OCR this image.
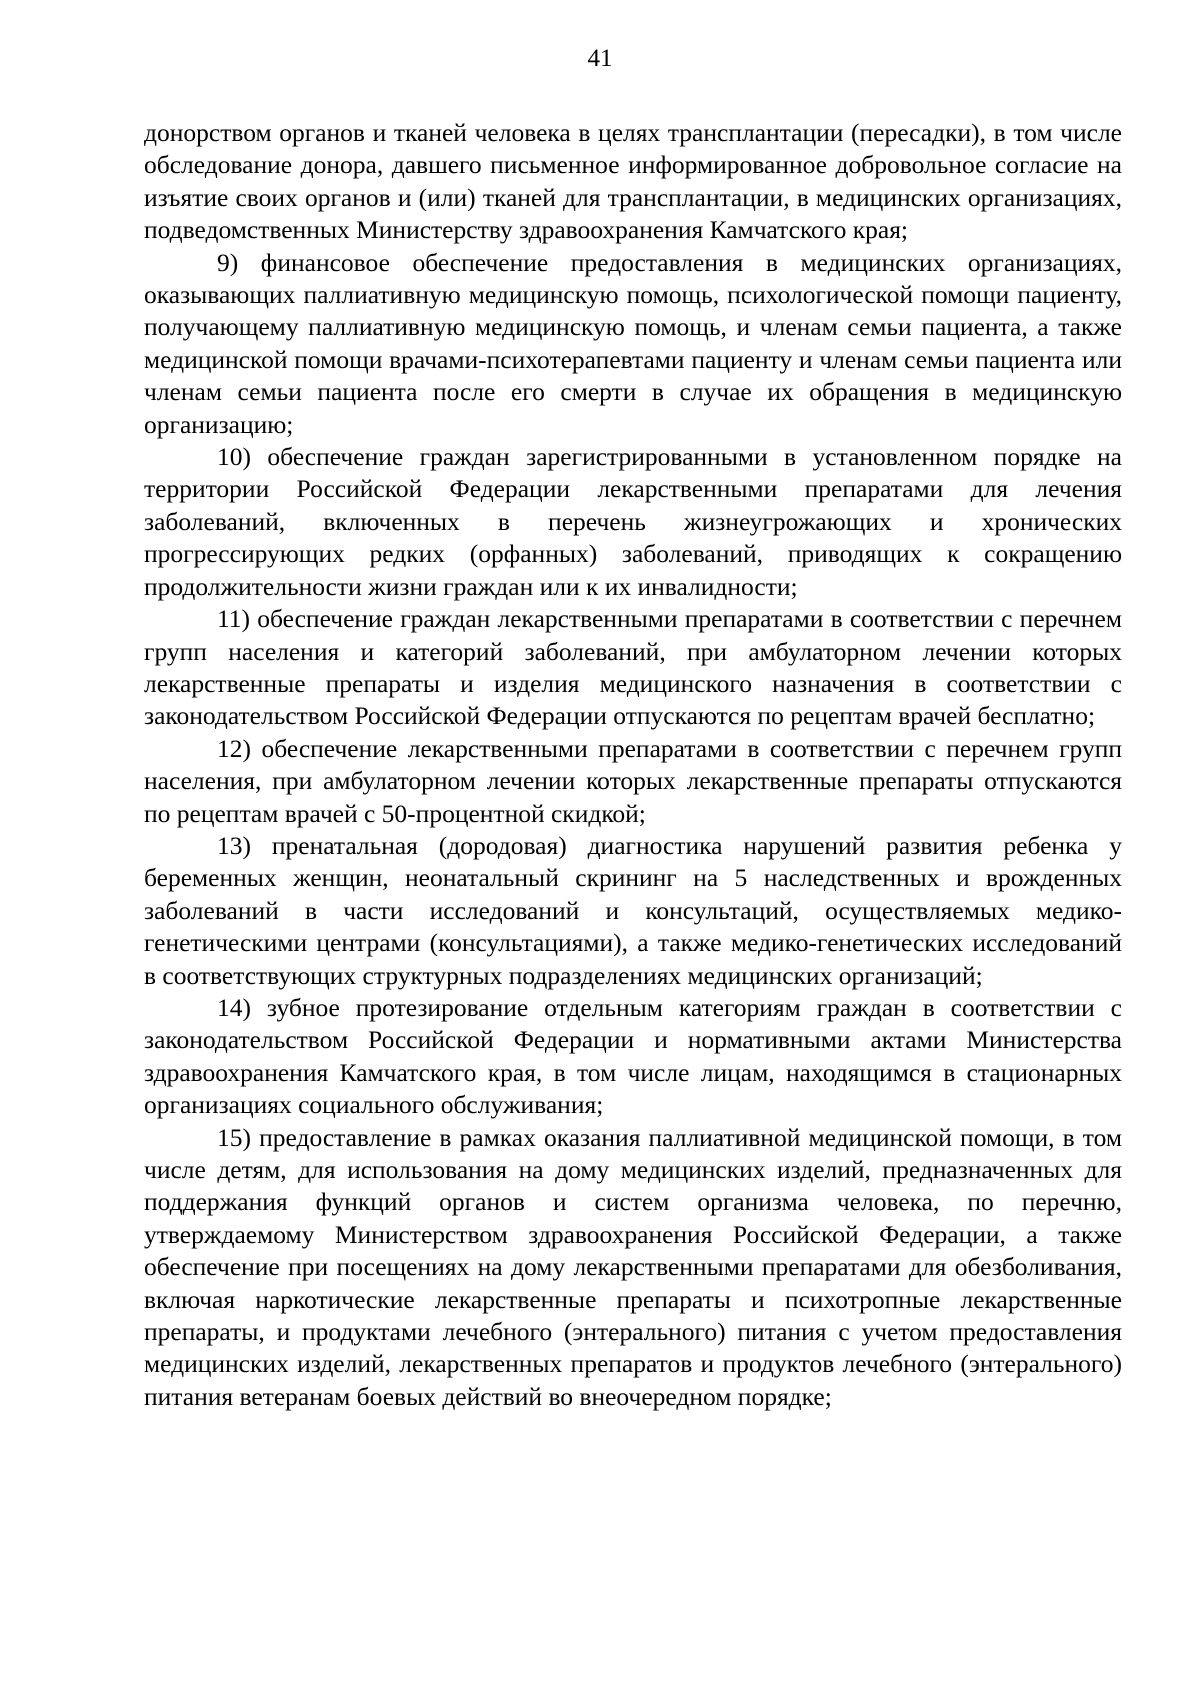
41

донорством органов и тканей человека в целях трансплантации (пересадки), в том числе обследование донора, давшего письменное информированное добровольное согласие на изъятие своих органов и (или) тканей для трансплантации, в медицинских организациях, подведомственных Министерству здравоохранения Камчатского края;

9) финансовое обеспечение предоставления в медицинских организациях, оказывающих паллиативную медицинскую помощь, психологической помощи пациенту, получающему паллиативную медицинскую помощь, и членам семьи пациента, а также медицинской помощи врачами-психотерапевтами пациенту и членам семьи пациента или членам семьи пациента после его смерти в случае их обращения в медицинскую организацию;

10) обеспечение граждан зарегистрированными в установленном порядке на территории Российской Федерации лекарственными препаратами для лечения заболеваний, включенных в перечень жизнеугрожающих и хронических прогрессирующих редких (орфанных) заболеваний, приводящих к сокращению продолжительности жизни граждан или к их инвалидности;

11) обеспечение граждан лекарственными препаратами в соответствии с перечнем групп населения и категорий заболеваний, при амбулаторном лечении которых лекарственные препараты и изделия медицинского назначения в соответствии с законодательством Российской Федерации отпускаются по рецептам врачей бесплатно;

12) обеспечение лекарственными препаратами в соответствии с перечнем групп населения, при амбулаторном лечении которых лекарственные препараты отпускаются по рецептам врачей с 50-процентной скидкой;

13) пренатальная (дородовая) диагностика нарушений развития ребенка у беременных женщин, неонатальный скрининг на 5 наследственных и врожденных заболеваний в части исследований и консультаций, осуществляемых медико-генетическими центрами (консультациями), а также медико-генетических исследований в соответствующих структурных подразделениях медицинских организаций;

14) зубное протезирование отдельным категориям граждан в соответствии с законодательством Российской Федерации и нормативными актами Министерства здравоохранения Камчатского края, в том числе лицам, находящимся в стационарных организациях социального обслуживания;

15) предоставление в рамках оказания паллиативной медицинской помощи, в том числе детям, для использования на дому медицинских изделий, предназначенных для поддержания функций органов и систем организма человека, по перечню, утверждаемому Министерством здравоохранения Российской Федерации, а также обеспечение при посещениях на дому лекарственными препаратами для обезболивания, включая наркотические лекарственные препараты и психотропные лекарственные препараты, и продуктами лечебного (энтерального) питания с учетом предоставления медицинских изделий, лекарственных препаратов и продуктов лечебного (энтерального) питания ветеранам боевых действий во внеочередном порядке;
